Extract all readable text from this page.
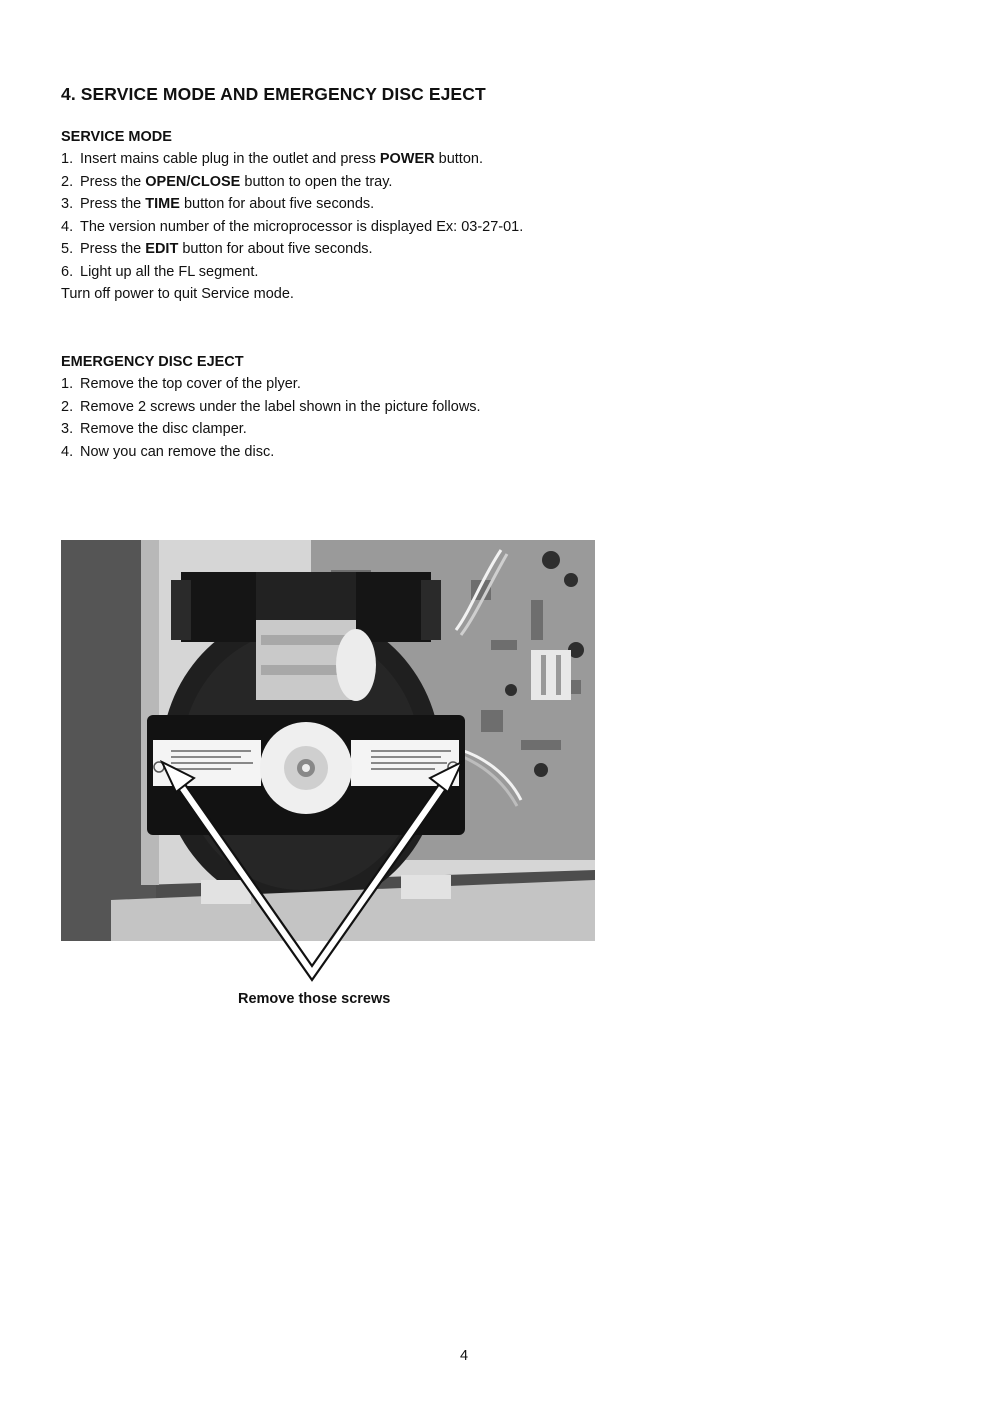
4. SERVICE MODE AND EMERGENCY DISC EJECT
SERVICE MODE
1. Insert mains cable plug in the outlet and press POWER button.
2. Press the OPEN/CLOSE button to open the tray.
3. Press the TIME button for about five seconds.
4. The version number of the microprocessor is displayed Ex: 03-27-01.
5. Press the EDIT button for about five seconds.
6. Light up all the FL segment.
Turn off power to quit Service mode.
EMERGENCY DISC EJECT
1. Remove the top cover of the plyer.
2. Remove 2 screws under the label shown in the picture follows.
3. Remove the disc clamper.
4. Now you can remove the disc.

Remove those screws

4
